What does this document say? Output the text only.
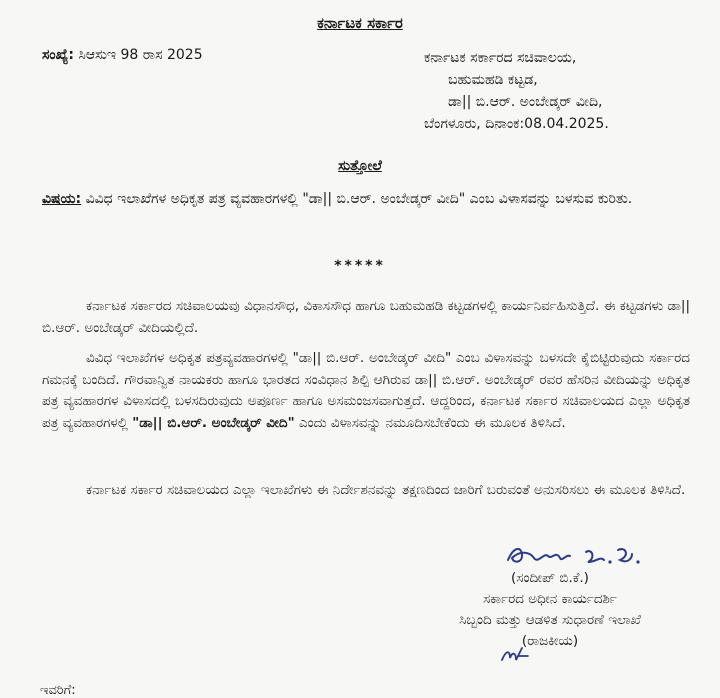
ಕರ್ನಾಟಕ ಸರ್ಕಾರ
ಸಂಖ್ಯೆ: ಸಿಆಸುಇ 98 ರಾಸ 2025	ಕರ್ನಾಟಕ ಸರ್ಕಾರದ ಸಚಿವಾಲಯ,
ಬಹುಮಹಡಿ ಕಟ್ಟಡ,
ಡಾ|| ಬಿ.ಆರ್. ಅಂಬೇಡ್ಕರ್ ವೀದಿ,
ಬೆಂಗಳೂರು, ದಿನಾಂಕ:08.04.2025.
ಸುತ್ತೋಲೆ
ವಿಷಯ: ವಿವಿಧ ಇಲಾಖೆಗಳ ಅಧಿಕೃತ ಪತ್ರ ವ್ಯವಹಾರಗಳಲ್ಲಿ "ಡಾ|| ಬಿ.ಆರ್. ಅಂಬೇಡ್ಕರ್ ವೀದಿ" ಎಂಬ ವಿಳಾಸವನ್ನು ಬಳಸುವ ಕುರಿತು.
*****
ಕರ್ನಾಟಕ ಸರ್ಕಾರದ ಸಚಿವಾಲಯವು ವಿಧಾನಸೌಧ, ವಿಕಾಸಸೌಧ ಹಾಗೂ ಬಹುಮಹಡಿ ಕಟ್ಟಡಗಳಲ್ಲಿ ಕಾರ್ಯನಿರ್ವಹಿಸುತ್ತಿದೆ. ಈ ಕಟ್ಟಡಗಳು ಡಾ|| ಬಿ.ಆರ್. ಅಂಬೇಡ್ಕರ್ ವೀದಿಯಲ್ಲಿದೆ.
ವಿವಿಧ ಇಲಾಖೆಗಳ ಅಧಿಕೃತ ಪತ್ರವ್ಯವಹಾರಗಳಲ್ಲಿ "ಡಾ|| ಬಿ.ಆರ್. ಅಂಬೇಡ್ಕರ್ ವೀದಿ" ಎಂಬ ವಿಳಾಸವನ್ನು ಬಳಸದೇ ಕೈಬಿಟ್ಟಿರುವುದು ಸರ್ಕಾರದ ಗಮನಕ್ಕೆ ಬಂದಿದೆ. ಗೌರವಾನ್ವಿತ ನಾಯಕರು ಹಾಗೂ ಭಾರತದ ಸಂವಿಧಾನ ಶಿಲ್ಪಿ ಆಗಿರುವ ಡಾ|| ಬಿ.ಆರ್. ಅಂಬೇಡ್ಕರ್ ರವರ ಹೆಸರಿನ ವೀದಿಯನ್ನು ಅಧಿಕೃತ ಪತ್ರ ವ್ಯವಹಾರಗಳ ವಿಳಾಸದಲ್ಲಿ ಬಳಸದಿರುವುದು ಅಪೂರ್ಣ ಹಾಗೂ ಅಸಮಂಜಸವಾಗುತ್ತದೆ. ಆದ್ದರಿಂದ, ಕರ್ನಾಟಕ ಸರ್ಕಾರ ಸಚಿವಾಲಯದ ಎಲ್ಲಾ ಅಧಿಕೃತ ಪತ್ರ ವ್ಯವಹಾರಗಳಲ್ಲಿ "ಡಾ|| ಬಿ.ಆರ್. ಅಂಬೇಡ್ಕರ್ ವೀದಿ" ಎಂದು ವಿಳಾಸವನ್ನು ನಮೂದಿಸಬೇಕೆಂದು ಈ ಮೂಲಕ ತಿಳಿಸಿದೆ.
ಕರ್ನಾಟಕ ಸರ್ಕಾರ ಸಚಿವಾಲಯದ ಎಲ್ಲಾ ಇಲಾಖೆಗಳು ಈ ನಿರ್ದೇಶನವನ್ನು ತಕ್ಷಣದಿಂದ ಜಾರಿಗೆ ಬರುವಂತೆ ಅನುಸರಿಸಲು ಈ ಮೂಲಕ ತಿಳಿಸಿದೆ.
(ಸಂದೀಪ್ ಬಿ.ಕೆ.)
ಸರ್ಕಾರದ ಅಧೀನ ಕಾರ್ಯದರ್ಶಿ
ಸಿಬ್ಬಂದಿ ಮತ್ತು ಆಡಳಿತ ಸುಧಾರಣೆ ಇಲಾಖೆ
(ರಾಜಕೀಯ)
ಇವರಿಗೆ:
